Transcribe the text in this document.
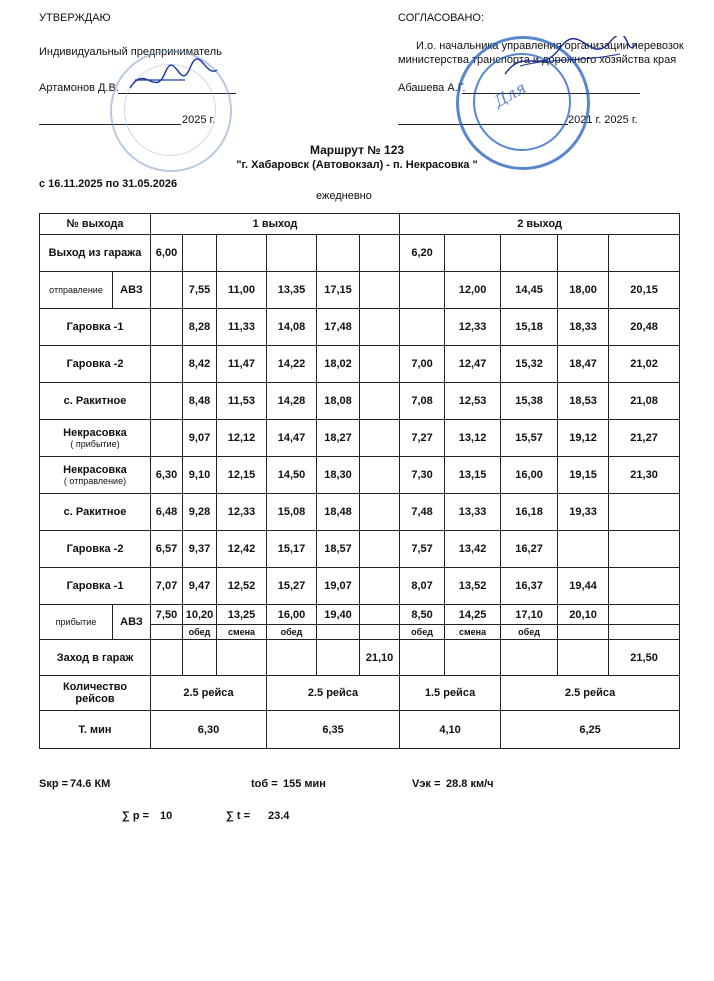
УТВЕРЖДАЮ
Индивидуальный предприниматель
Артамонов Д.В.
2025 г.
СОГЛАСОВАНО:
И.о. начальника управления организации перевозок
министерства транспорта и дорожного хозяйства края
Абашева А.Г.
2021 г. 2025 г.
Для
Маршрут № 123
"г. Хабаровск (Автовокзал) - п. Некрасовка "
с 16.11.2025 по 31.05.2026
ежедневно
№ выхода		1 выход						2 выход				
Выход из гаража		6,00						6,20				
отправление	АВЗ		7,55	11,00	13,35	17,15			12,00	14,45	18,00	20,15
Гаровка -1			8,28	11,33	14,08	17,48			12,33	15,18	18,33	20,48
Гаровка -2			8,42	11,47	14,22	18,02		7,00	12,47	15,32	18,47	21,02
с. Ракитное			8,48	11,53	14,28	18,08		7,08	12,53	15,38	18,53	21,08
Некрасовка
( прибытие)			9,07	12,12	14,47	18,27		7,27	13,12	15,57	19,12	21,27
Некрасовка
( отправление)		6,30	9,10	12,15	14,50	18,30		7,30	13,15	16,00	19,15	21,30
с. Ракитное		6,48	9,28	12,33	15,08	18,48		7,48	13,33	16,18	19,33	
Гаровка -2		6,57	9,37	12,42	15,17	18,57		7,57	13,42	16,27		
Гаровка -1		7,07	9,47	12,52	15,27	19,07		8,07	13,52	16,37	19,44	
прибытие	АВЗ	7,50	10,20	13,25	16,00	19,40		8,50	14,25	17,10	20,10	
			обед	смена	обед			обед	смена	обед		
Заход в гараж							21,10					21,50
Количество рейсов		2.5 рейса			2.5 рейса			1.5 рейса		2.5 рейса		
Т. мин		6,30			6,35			4,10		6,25		
Sкр = 74.6 КМ	tоб = 155 мин	Vэк = 28.8 км/ч
∑ р = 10	∑ t = 23.4
